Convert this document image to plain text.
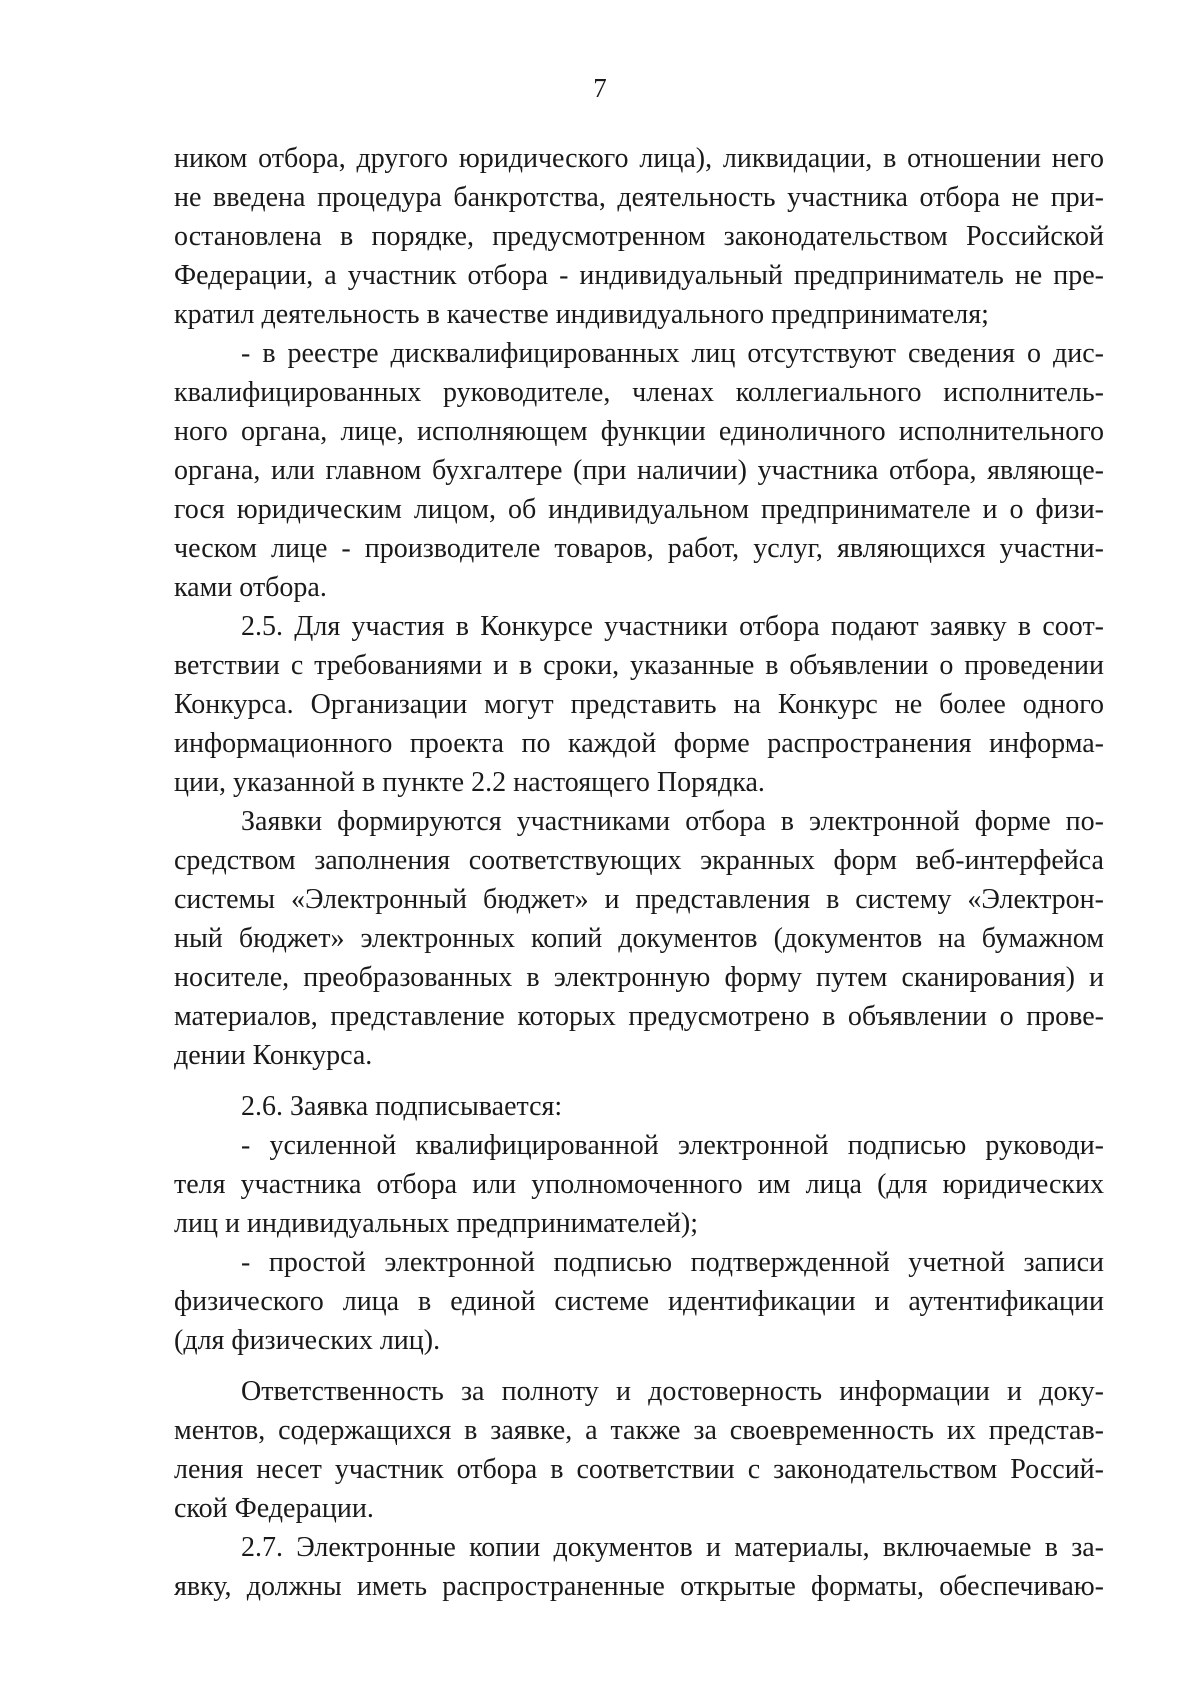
7
ником отбора, другого юридического лица), ликвидации, в отношении него
не введена процедура банкротства, деятельность участника отбора не при-
остановлена в порядке, предусмотренном законодательством Российской
Федерации, а участник отбора - индивидуальный предприниматель не пре-
кратил деятельность в качестве индивидуального предпринимателя;
- в реестре дисквалифицированных лиц отсутствуют сведения о дис-
квалифицированных руководителе, членах коллегиального исполнитель-
ного органа, лице, исполняющем функции единоличного исполнительного
органа, или главном бухгалтере (при наличии) участника отбора, являюще-
гося юридическим лицом, об индивидуальном предпринимателе и о физи-
ческом лице - производителе товаров, работ, услуг, являющихся участни-
ками отбора.
2.5. Для участия в Конкурсе участники отбора подают заявку в соот-
ветствии с требованиями и в сроки, указанные в объявлении о проведении
Конкурса. Организации могут представить на Конкурс не более одного
информационного проекта по каждой форме распространения информа-
ции, указанной в пункте 2.2 настоящего Порядка.
Заявки формируются участниками отбора в электронной форме по-
средством заполнения соответствующих экранных форм веб-интерфейса
системы «Электронный бюджет» и представления в систему «Электрон-
ный бюджет» электронных копий документов (документов на бумажном
носителе, преобразованных в электронную форму путем сканирования) и
материалов, представление которых предусмотрено в объявлении о прове-
дении Конкурса.
2.6. Заявка подписывается:
- усиленной квалифицированной электронной подписью руководи-
теля участника отбора или уполномоченного им лица (для юридических
лиц и индивидуальных предпринимателей);
- простой электронной подписью подтвержденной учетной записи
физического лица в единой системе идентификации и аутентификации
(для физических лиц).
Ответственность за полноту и достоверность информации и доку-
ментов, содержащихся в заявке, а также за своевременность их представ-
ления несет участник отбора в соответствии с законодательством Россий-
ской Федерации.
2.7. Электронные копии документов и материалы, включаемые в за-
явку, должны иметь распространенные открытые форматы, обеспечиваю-
